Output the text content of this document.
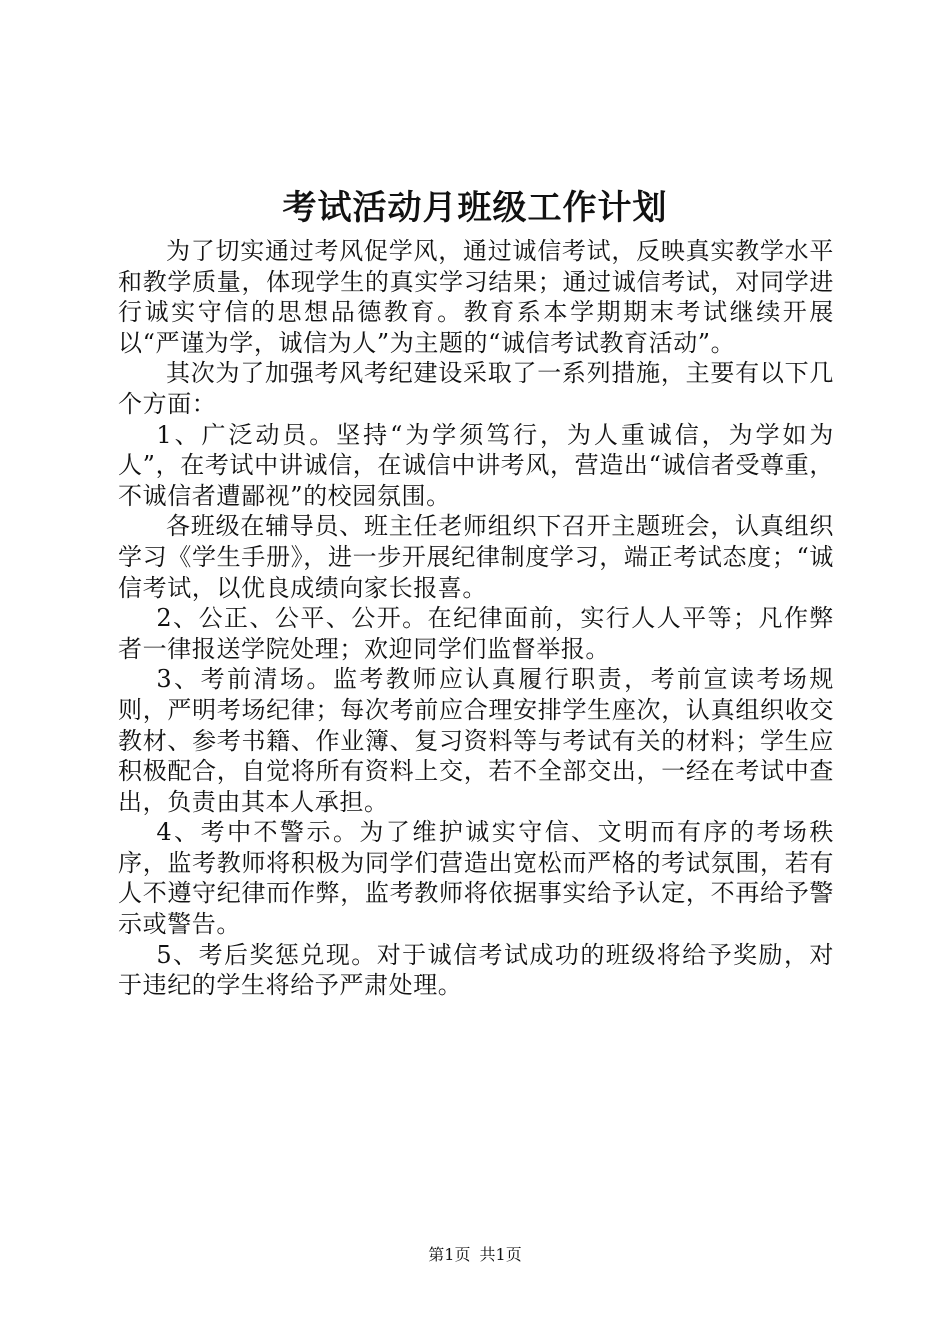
考试活动月班级工作计划

为了切实通过考风促学风，通过诚信考试，反映真实教学水平和教学质量，体现学生的真实学习结果；通过诚信考试，对同学进行诚实守信的思想品德教育。教育系本学期期末考试继续开展以“严谨为学，诚信为人”为主题的“诚信考试教育活动”。

其次为了加强考风考纪建设采取了一系列措施，主要有以下几个方面：

1、广泛动员。坚持“为学须笃行，为人重诚信，为学如为人”，在考试中讲诚信，在诚信中讲考风，营造出“诚信者受尊重，不诚信者遭鄙视”的校园氛围。

各班级在辅导员、班主任老师组织下召开主题班会，认真组织学习《学生手册》，进一步开展纪律制度学习，端正考试态度；“诚信考试，以优良成绩向家长报喜。

2、公正、公平、公开。在纪律面前，实行人人平等；凡作弊者一律报送学院处理；欢迎同学们监督举报。

3、考前清场。监考教师应认真履行职责，考前宣读考场规则，严明考场纪律；每次考前应合理安排学生座次，认真组织收交教材、参考书籍、作业簿、复习资料等与考试有关的材料；学生应积极配合，自觉将所有资料上交，若不全部交出，一经在考试中查出，负责由其本人承担。

4、考中不警示。为了维护诚实守信、文明而有序的考场秩序，监考教师将积极为同学们营造出宽松而严格的考试氛围，若有人不遵守纪律而作弊，监考教师将依据事实给予认定，不再给予警示或警告。

5、考后奖惩兑现。对于诚信考试成功的班级将给予奖励，对于违纪的学生将给予严肃处理。

第1页 共1页
